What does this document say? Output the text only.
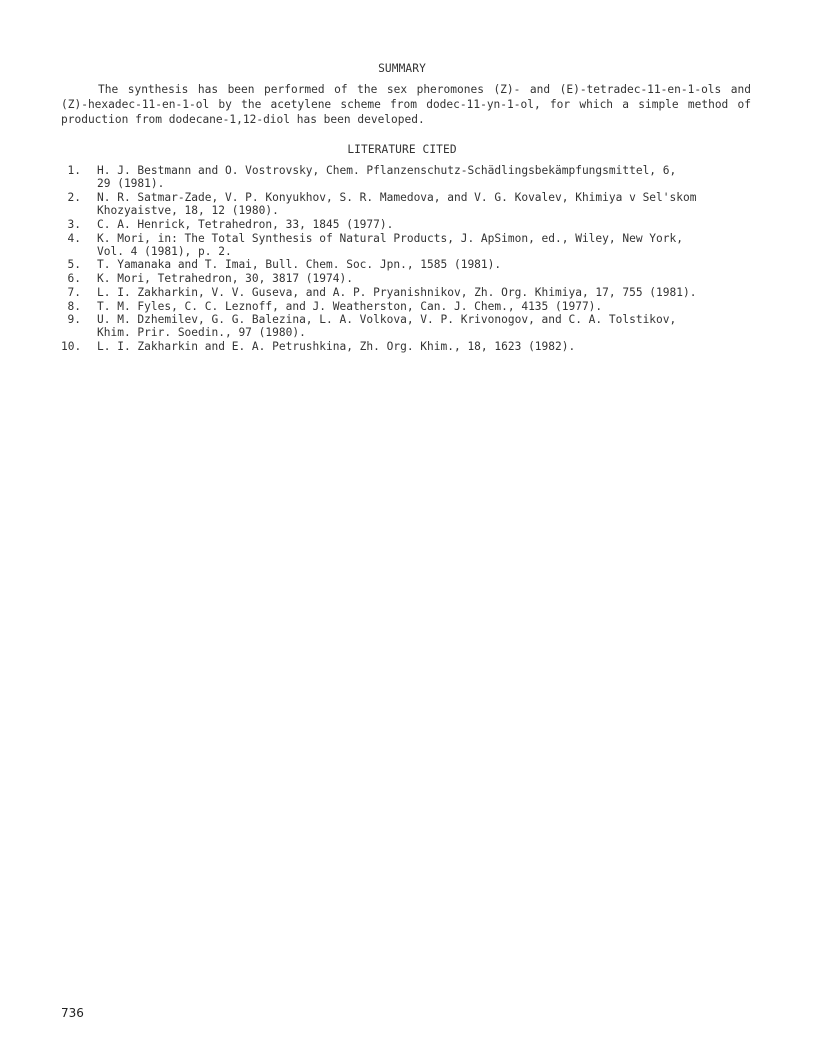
SUMMARY

The synthesis has been performed of the sex pheromones (Z)- and (E)-tetradec-11-en-1-ols and (Z)-hexadec-11-en-1-ol by the acetylene scheme from dodec-11-yn-1-ol, for which a simple method of production from dodecane-1,12-diol has been developed.

LITERATURE CITED
1. H. J. Bestmann and O. Vostrovsky, Chem. Pflanzenschutz-Schädlingsbekämpfungsmittel, 6,
29 (1981).
2. N. R. Satmar-Zade, V. P. Konyukhov, S. R. Mamedova, and V. G. Kovalev, Khimiya v Sel'skom
Khozyaistve, 18, 12 (1980).
3. C. A. Henrick, Tetrahedron, 33, 1845 (1977).
4. K. Mori, in: The Total Synthesis of Natural Products, J. ApSimon, ed., Wiley, New York,
Vol. 4 (1981), p. 2.
5. T. Yamanaka and T. Imai, Bull. Chem. Soc. Jpn., 1585 (1981).
6. K. Mori, Tetrahedron, 30, 3817 (1974).
7. L. I. Zakharkin, V. V. Guseva, and A. P. Pryanishnikov, Zh. Org. Khimiya, 17, 755 (1981).
8. T. M. Fyles, C. C. Leznoff, and J. Weatherston, Can. J. Chem., 4135 (1977).
9. U. M. Dzhemilev, G. G. Balezina, L. A. Volkova, V. P. Krivonogov, and C. A. Tolstikov,
Khim. Prir. Soedin., 97 (1980).
10. L. I. Zakharkin and E. A. Petrushkina, Zh. Org. Khim., 18, 1623 (1982).
736
